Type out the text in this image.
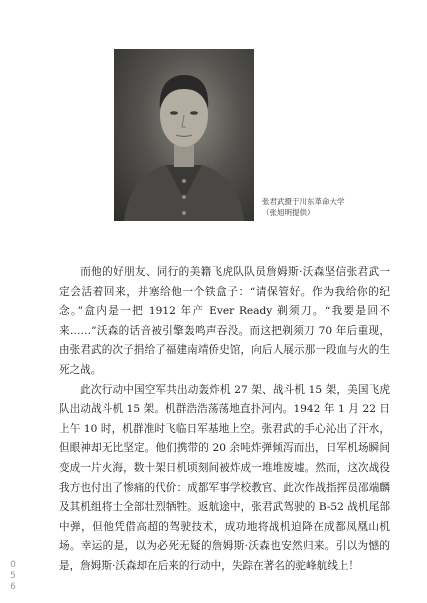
张君武摄于川东革命大学
（张旭明提供）

而他的好朋友、同行的美籍飞虎队队员詹姆斯·沃森坚信张君武一定会活着回来，并塞给他一个铁盒子：“请保管好。作为我给你的纪念。”盒内是一把 1912 年产 Ever Ready 剃须刀。“我要是回不来……”沃森的话音被引擎轰鸣声吞没。而这把剃须刀 70 年后重现，由张君武的次子捐给了福建南靖侨史馆，向后人展示那一段血与火的生死之战。

此次行动中国空军共出动轰炸机 27 架、战斗机 15 架，美国飞虎队出动战斗机 15 架。机群浩浩荡荡地直扑河内。1942 年 1 月 22 日上午 10 时，机群准时飞临日军基地上空。张君武的手心沁出了汗水，但眼神却无比坚定。他们携带的 20 余吨炸弹倾泻而出，日军机场瞬间变成一片火海，数十架日机顷刻间被炸成一堆堆废墟。然而，这次战役我方也付出了惨痛的代价：成都军事学校教官、此次作战指挥员邵端麟及其机组将士全部壮烈牺牲。返航途中，张君武驾驶的 B-52 战机尾部中弹，但他凭借高超的驾驶技术，成功地将战机迫降在成都凤凰山机场。幸运的是，以为必死无疑的詹姆斯·沃森也安然归来。引以为憾的是，詹姆斯·沃森却在后来的行动中，失踪在著名的驼峰航线上！

0
5
6
